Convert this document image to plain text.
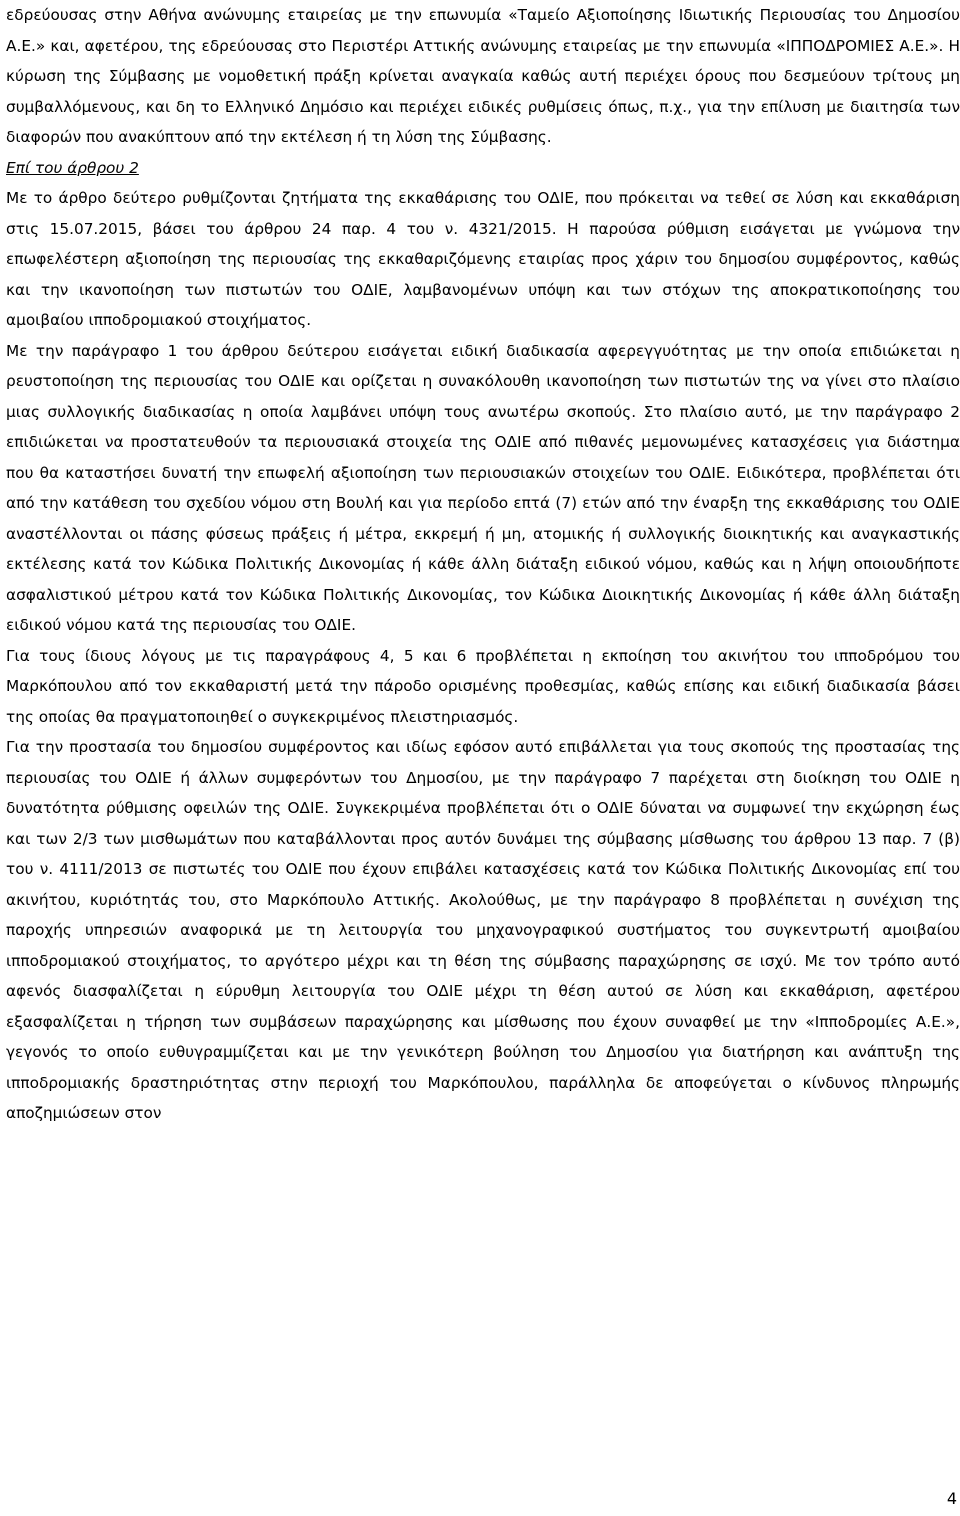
εδρεύουσας στην Αθήνα ανώνυμης εταιρείας με την επωνυμία «Ταμείο Αξιοποίησης Ιδιωτικής Περιουσίας του Δημοσίου Α.Ε.» και, αφετέρου, της εδρεύουσας στο Περιστέρι Αττικής ανώνυμης εταιρείας με την επωνυμία «ΙΠΠΟΔΡΟΜΙΕΣ Α.Ε.». Η κύρωση της Σύμβασης με νομοθετική πράξη κρίνεται αναγκαία καθώς αυτή περιέχει όρους που δεσμεύουν τρίτους μη συμβαλλόμενους, και δη το Ελληνικό Δημόσιο και περιέχει ειδικές ρυθμίσεις όπως, π.χ., για την επίλυση με διαιτησία των διαφορών που ανακύπτουν από την εκτέλεση ή τη λύση της Σύμβασης.

Επί του άρθρου 2

Με το άρθρο δεύτερο ρυθμίζονται ζητήματα της εκκαθάρισης του ΟΔΙΕ, που πρόκειται να τεθεί σε λύση και εκκαθάριση στις 15.07.2015, βάσει του άρθρου 24 παρ. 4 του ν. 4321/2015. Η παρούσα ρύθμιση εισάγεται με γνώμονα την επωφελέστερη αξιοποίηση της περιουσίας της εκκαθαριζόμενης εταιρίας προς χάριν του δημοσίου συμφέροντος, καθώς και την ικανοποίηση των πιστωτών του ΟΔΙΕ, λαμβανομένων υπόψη και των στόχων της αποκρατικοποίησης του αμοιβαίου ιπποδρομιακού στοιχήματος.

Με την παράγραφο 1 του άρθρου δεύτερου εισάγεται ειδική διαδικασία αφερεγγυότητας με την οποία επιδιώκεται η ρευστοποίηση της περιουσίας του ΟΔΙΕ και ορίζεται η συνακόλουθη ικανοποίηση των πιστωτών της να γίνει στο πλαίσιο μιας συλλογικής διαδικασίας η οποία λαμβάνει υπόψη τους ανωτέρω σκοπούς. Στο πλαίσιο αυτό, με την παράγραφο 2 επιδιώκεται να προστατευθούν τα περιουσιακά στοιχεία της ΟΔΙΕ από πιθανές μεμονωμένες κατασχέσεις για διάστημα που θα καταστήσει δυνατή την επωφελή αξιοποίηση των περιουσιακών στοιχείων του ΟΔΙΕ. Ειδικότερα, προβλέπεται ότι από την κατάθεση του σχεδίου νόμου στη Βουλή και για περίοδο επτά (7) ετών από την έναρξη της εκκαθάρισης του ΟΔΙΕ αναστέλλονται οι πάσης φύσεως πράξεις ή μέτρα, εκκρεμή ή μη, ατομικής ή συλλογικής διοικητικής και αναγκαστικής εκτέλεσης κατά τον Κώδικα Πολιτικής Δικονομίας ή κάθε άλλη διάταξη ειδικού νόμου, καθώς και η λήψη οποιουδήποτε ασφαλιστικού μέτρου κατά τον Κώδικα Πολιτικής Δικονομίας, τον Κώδικα Διοικητικής Δικονομίας ή κάθε άλλη διάταξη ειδικού νόμου κατά της περιουσίας του ΟΔΙΕ.

Για τους ίδιους λόγους με τις παραγράφους 4, 5 και 6 προβλέπεται η εκποίηση του ακινήτου του ιπποδρόμου του Μαρκόπουλου από τον εκκαθαριστή μετά την πάροδο ορισμένης προθεσμίας, καθώς επίσης και ειδική διαδικασία βάσει της οποίας θα πραγματοποιηθεί ο συγκεκριμένος πλειστηριασμός.

Για την προστασία του δημοσίου συμφέροντος και ιδίως εφόσον αυτό επιβάλλεται για τους σκοπούς της προστασίας της περιουσίας του ΟΔΙΕ ή άλλων συμφερόντων του Δημοσίου, με την παράγραφο 7 παρέχεται στη διοίκηση του ΟΔΙΕ η δυνατότητα ρύθμισης οφειλών της ΟΔΙΕ. Συγκεκριμένα προβλέπεται ότι ο ΟΔΙΕ δύναται να συμφωνεί την εκχώρηση έως και των 2/3 των μισθωμάτων που καταβάλλονται προς αυτόν δυνάμει της σύμβασης μίσθωσης του άρθρου 13 παρ. 7 (β) του ν. 4111/2013 σε πιστωτές του ΟΔΙΕ που έχουν επιβάλει κατασχέσεις κατά τον Κώδικα Πολιτικής Δικονομίας επί του ακινήτου, κυριότητάς του, στο Μαρκόπουλο Αττικής. Ακολούθως, με την παράγραφο 8 προβλέπεται η συνέχιση της παροχής υπηρεσιών αναφορικά με τη λειτουργία του μηχανογραφικού συστήματος του συγκεντρωτή αμοιβαίου ιπποδρομιακού στοιχήματος, το αργότερο μέχρι και τη θέση της σύμβασης παραχώρησης σε ισχύ. Με τον τρόπο αυτό αφενός διασφαλίζεται η εύρυθμη λειτουργία του ΟΔΙΕ μέχρι τη θέση αυτού σε λύση και εκκαθάριση, αφετέρου εξασφαλίζεται η τήρηση των συμβάσεων παραχώρησης και μίσθωσης που έχουν συναφθεί με την «Ιπποδρομίες Α.Ε.», γεγονός το οποίο ευθυγραμμίζεται και με την γενικότερη βούληση του Δημοσίου για διατήρηση και ανάπτυξη της ιπποδρομιακής δραστηριότητας στην περιοχή του Μαρκόπουλου, παράλληλα δε αποφεύγεται ο κίνδυνος πληρωμής αποζημιώσεων στον

4
